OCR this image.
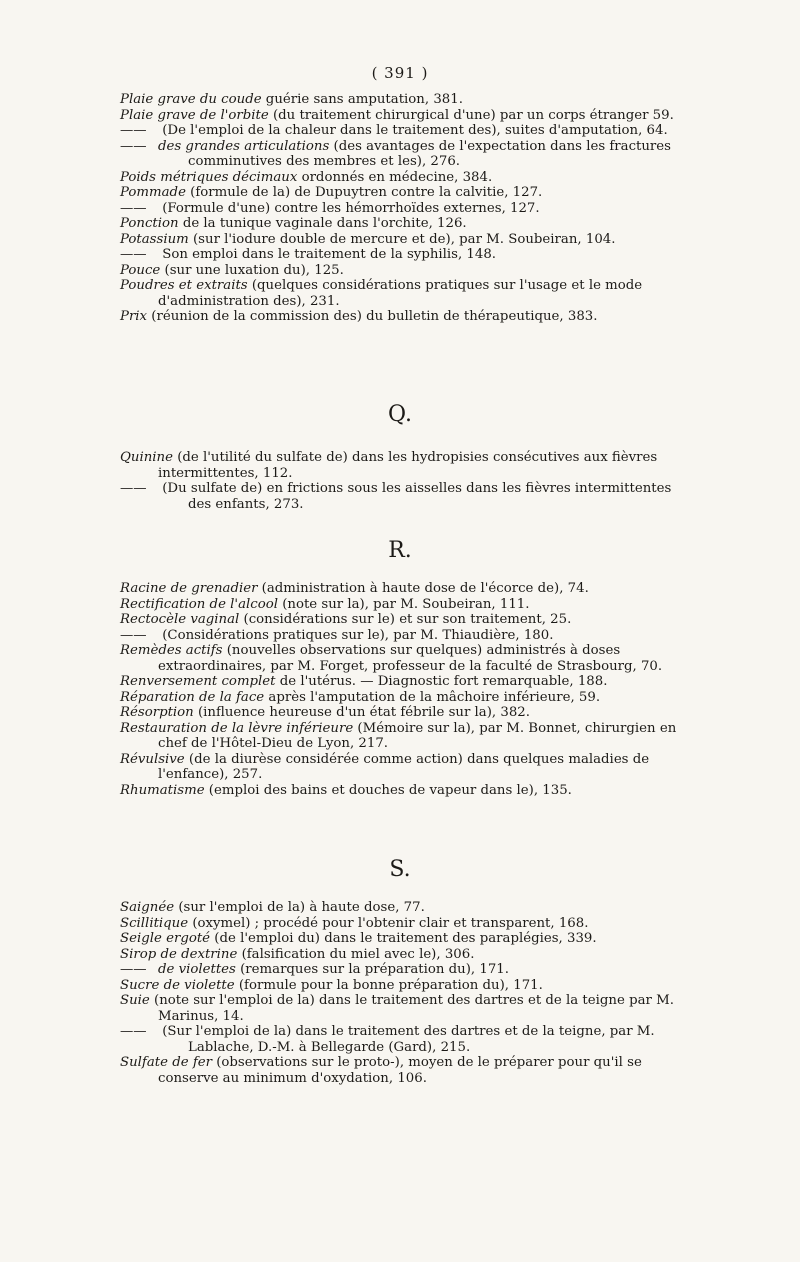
( 391 )

Plaie grave du coude guérie sans amputation, 381.

Plaie grave de l'orbite (du traitement chirurgical d'une) par un corps étranger 59.

—— (De l'emploi de la chaleur dans le traitement des), suites d'amputation, 64.

—— des grandes articulations (des avantages de l'expectation dans les fractures comminutives des membres et les), 276.

Poids métriques décimaux ordonnés en médecine, 384.

Pommade (formule de la) de Dupuytren contre la calvitie, 127.

—— (Formule d'une) contre les hémorrhoïdes externes, 127.

Ponction de la tunique vaginale dans l'orchite, 126.

Potassium (sur l'iodure double de mercure et de), par M. Soubeiran, 104.

—— Son emploi dans le traitement de la syphilis, 148.

Pouce (sur une luxation du), 125.

Poudres et extraits (quelques considérations pratiques sur l'usage et le mode d'administration des), 231.

Prix (réunion de la commission des) du bulletin de thérapeutique, 383.

Q.

Quinine (de l'utilité du sulfate de) dans les hydropisies consécutives aux fièvres intermittentes, 112.

—— (Du sulfate de) en frictions sous les aisselles dans les fièvres intermittentes des enfants, 273.

R.

Racine de grenadier (administration à haute dose de l'écorce de), 74.

Rectification de l'alcool (note sur la), par M. Soubeiran, 111.

Rectocèle vaginal (considérations sur le) et sur son traitement, 25.

—— (Considérations pratiques sur le), par M. Thiaudière, 180.

Remèdes actifs (nouvelles observations sur quelques) administrés à doses extraordinaires, par M. Forget, professeur de la faculté de Strasbourg, 70.

Renversement complet de l'utérus. — Diagnostic fort remarquable, 188.

Réparation de la face après l'amputation de la mâchoire inférieure, 59.

Résorption (influence heureuse d'un état fébrile sur la), 382.

Restauration de la lèvre inférieure (Mémoire sur la), par M. Bonnet, chirurgien en chef de l'Hôtel-Dieu de Lyon, 217.

Révulsive (de la diurèse considérée comme action) dans quelques maladies de l'enfance), 257.

Rhumatisme (emploi des bains et douches de vapeur dans le), 135.

S.

Saignée (sur l'emploi de la) à haute dose, 77.

Scillitique (oxymel) ; procédé pour l'obtenir clair et transparent, 168.

Seigle ergoté (de l'emploi du) dans le traitement des paraplégies, 339.

Sirop de dextrine (falsification du miel avec le), 306.

—— de violettes (remarques sur la préparation du), 171.

Sucre de violette (formule pour la bonne préparation du), 171.

Suie (note sur l'emploi de la) dans le traitement des dartres et de la teigne par M. Marinus, 14.

—— (Sur l'emploi de la) dans le traitement des dartres et de la teigne, par M. Lablache, D.-M. à Bellegarde (Gard), 215.

Sulfate de fer (observations sur le proto-), moyen de le préparer pour qu'il se conserve au minimum d'oxydation, 106.
